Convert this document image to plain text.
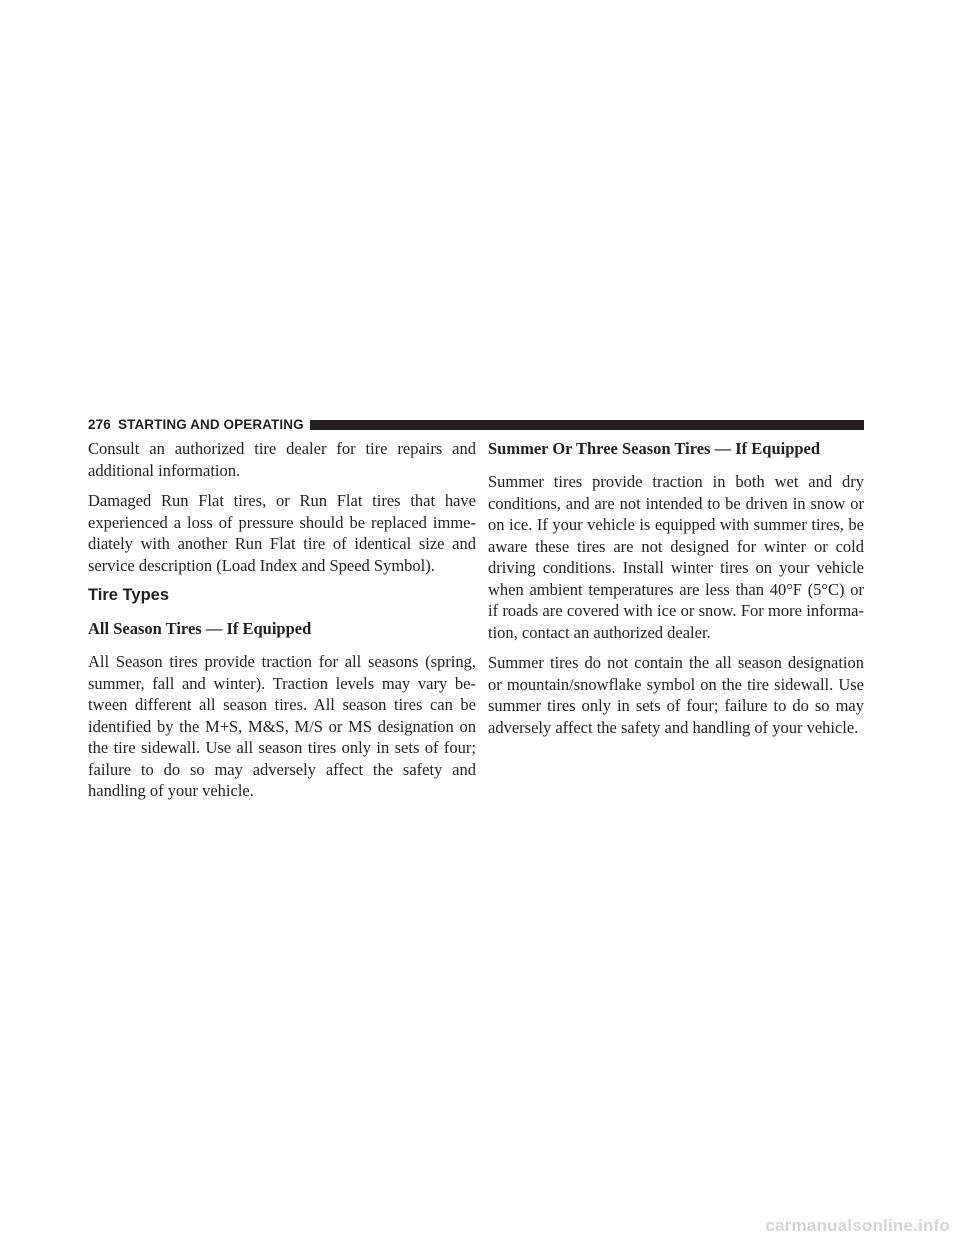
276 STARTING AND OPERATING

Consult an authorized tire dealer for tire repairs and additional information.

Damaged Run Flat tires, or Run Flat tires that have experienced a loss of pressure should be replaced imme-diately with another Run Flat tire of identical size and service description (Load Index and Speed Symbol).

Tire Types
All Season Tires — If Equipped

All Season tires provide traction for all seasons (spring, summer, fall and winter). Traction levels may vary be-tween different all season tires. All season tires can be identified by the M+S, M&S, M/S or MS designation on the tire sidewall. Use all season tires only in sets of four; failure to do so may adversely affect the safety and handling of your vehicle.

Summer Or Three Season Tires — If Equipped

Summer tires provide traction in both wet and dry conditions, and are not intended to be driven in snow or on ice. If your vehicle is equipped with summer tires, be aware these tires are not designed for winter or cold driving conditions. Install winter tires on your vehicle when ambient temperatures are less than 40°F (5°C) or if roads are covered with ice or snow. For more informa-tion, contact an authorized dealer.

Summer tires do not contain the all season designation or mountain/snowflake symbol on the tire sidewall. Use summer tires only in sets of four; failure to do so may adversely affect the safety and handling of your vehicle.

carmanualsonline.info
